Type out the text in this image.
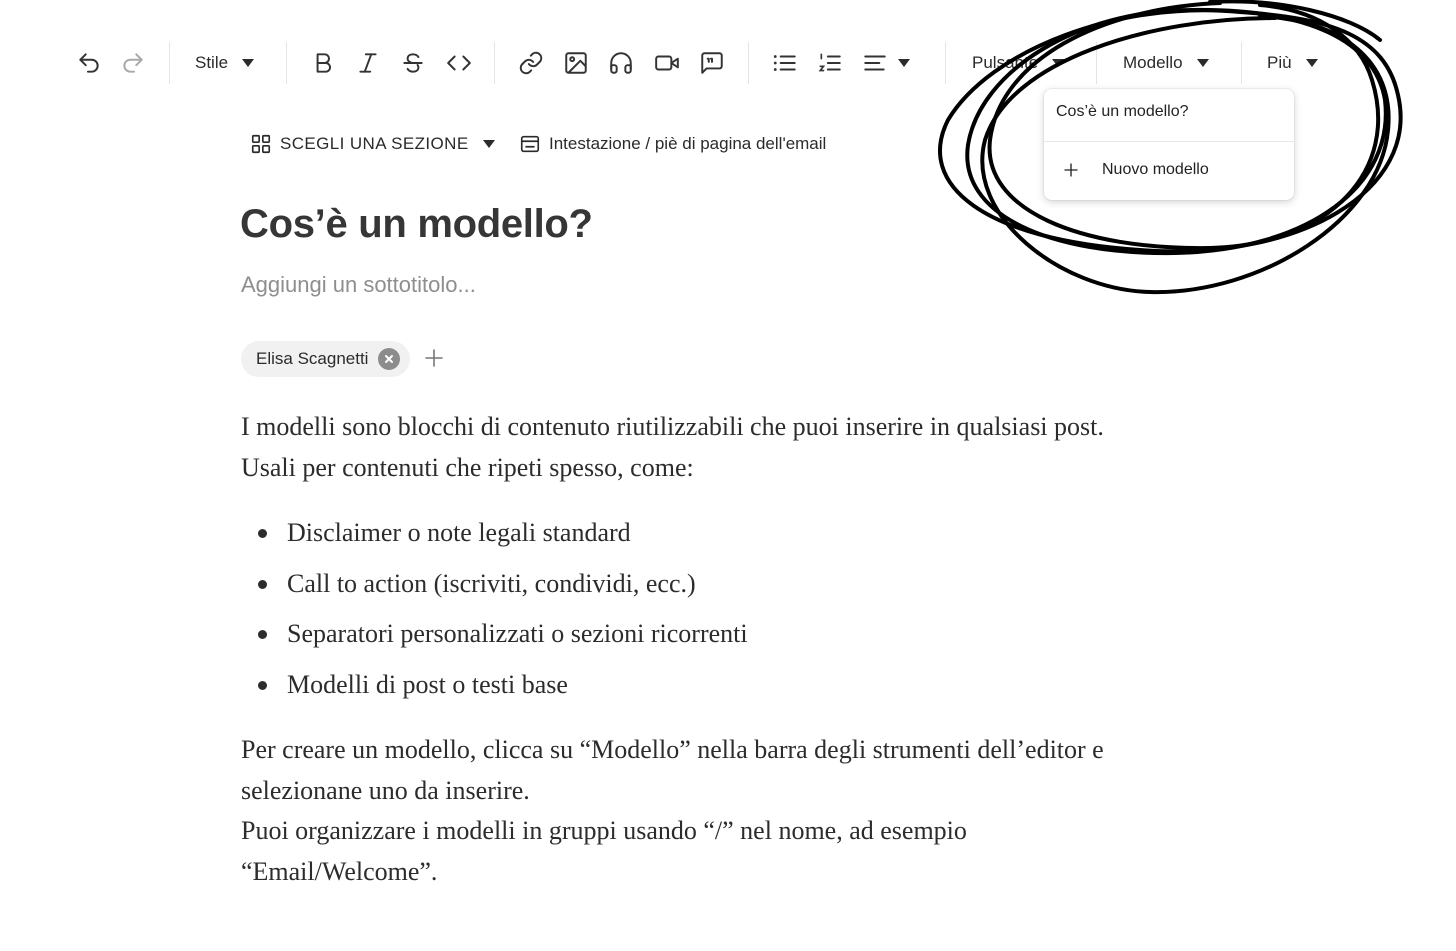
Stile	Pulsante	Modello	Più
SCEGLI UNA SEZIONE	Intestazione / piè di pagina dell'email
Cos’è un modello?
Aggiungi un sottotitolo...
Elisa Scagnetti
I modelli sono blocchi di contenuto riutilizzabili che puoi inserire in qualsiasi post. Usali per contenuti che ripeti spesso, come:
Disclaimer o note legali standard
Call to action (iscriviti, condividi, ecc.)
Separatori personalizzati o sezioni ricorrenti
Modelli di post o testi base
Per creare un modello, clicca su “Modello” nella barra degli strumenti dell’editor e selezionane uno da inserire.
Puoi organizzare i modelli in gruppi usando “/” nel nome, ad esempio “Email/Welcome”.
Cos’è un modello?
Nuovo modello
